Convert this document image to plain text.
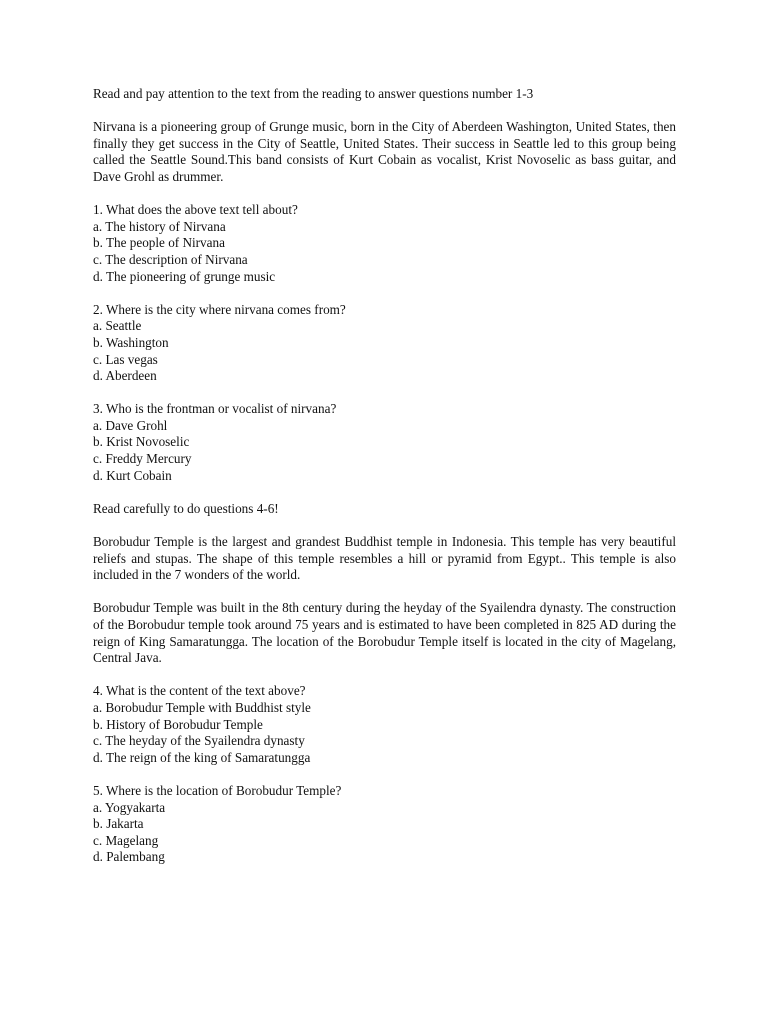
Read and pay attention to the text from the reading to answer questions number 1-3

Nirvana is a pioneering group of Grunge music, born in the City of Aberdeen Washington, United States, then finally they get success in the City of Seattle, United States. Their success in Seattle led to this group being called the Seattle Sound.This band consists of Kurt Cobain as vocalist, Krist Novoselic as bass guitar, and Dave Grohl as drummer.

1. What does the above text tell about?
a. The history of Nirvana
b. The people of Nirvana
c. The description of Nirvana
d. The pioneering of grunge music
2. Where is the city where nirvana comes from?
a. Seattle
b. Washington
c. Las vegas
d. Aberdeen
3. Who is the frontman or vocalist of nirvana?
a. Dave Grohl
b. Krist Novoselic
c. Freddy Mercury
d. Kurt Cobain

Read carefully to do questions 4-6!

Borobudur Temple is the largest and grandest Buddhist temple in Indonesia. This temple has very beautiful reliefs and stupas. The shape of this temple resembles a hill or pyramid from Egypt.. This temple is also included in the 7 wonders of the world.

Borobudur Temple was built in the 8th century during the heyday of the Syailendra dynasty. The construction of the Borobudur temple took around 75 years and is estimated to have been completed in 825 AD during the reign of King Samaratungga. The location of the Borobudur Temple itself is located in the city of Magelang, Central Java.

4. What is the content of the text above?
a. Borobudur Temple with Buddhist style
b. History of Borobudur Temple
c. The heyday of the Syailendra dynasty
d. The reign of the king of Samaratungga
5. Where is the location of Borobudur Temple?
a. Yogyakarta
b. Jakarta
c. Magelang
d. Palembang
